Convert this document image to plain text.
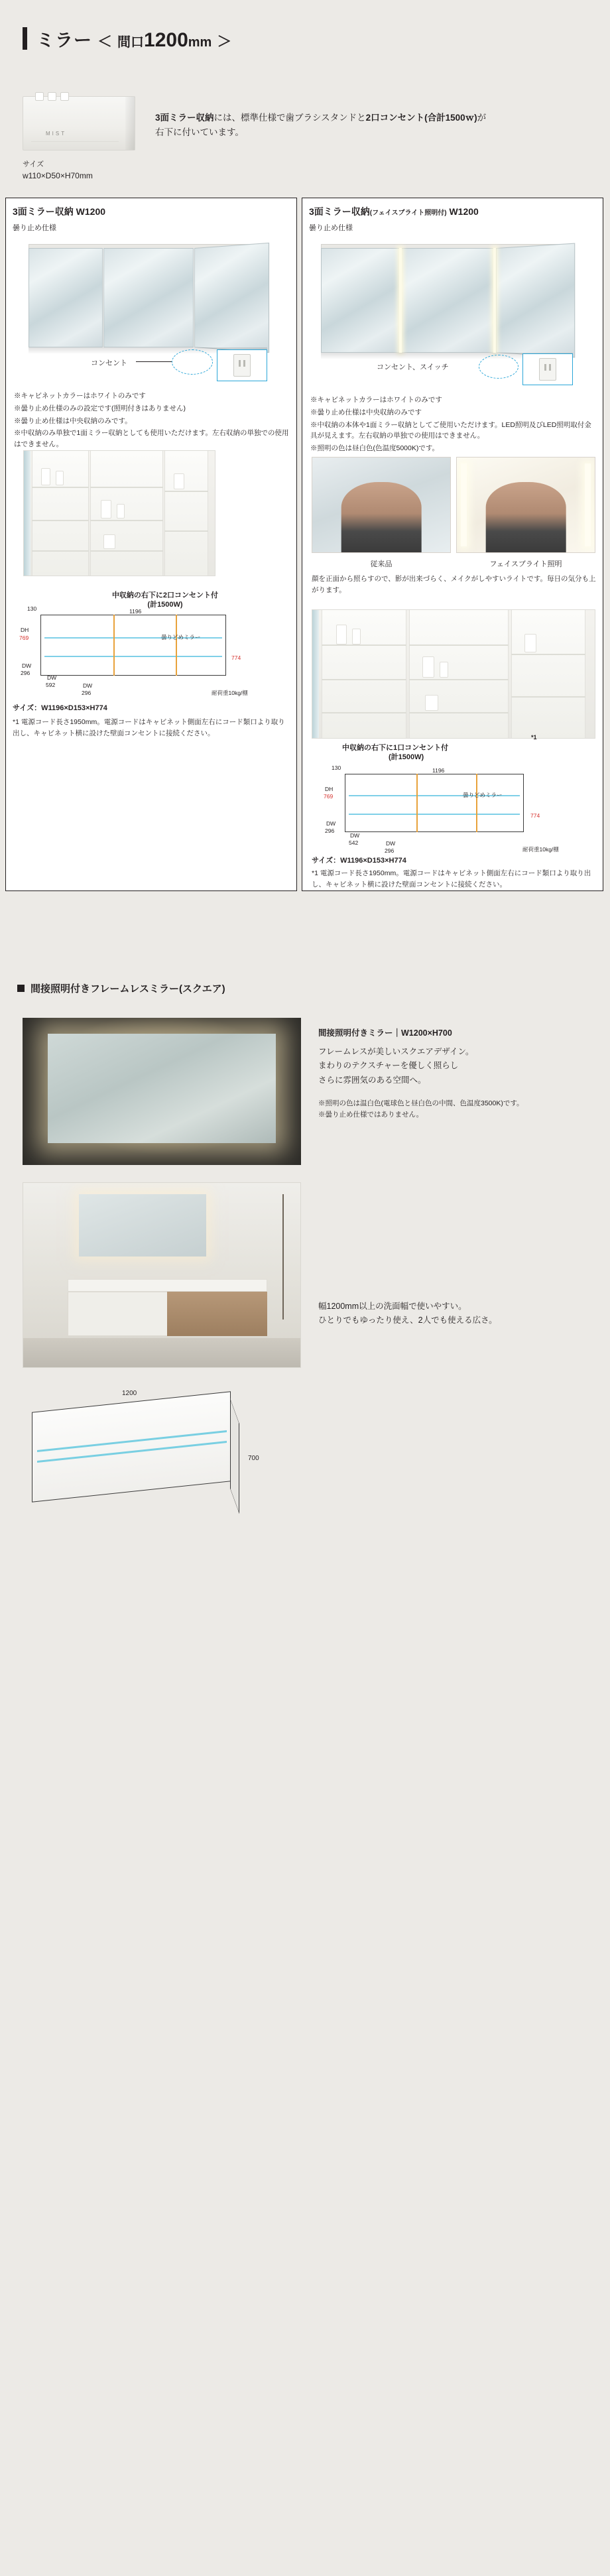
ミラー ＜ 間口 1200 mm ＞
MIST
サイズ
w110×D50×H70mm
3面ミラー収納には、標準仕様で歯ブラシスタンドと2口コンセント(合計1500ｗ)が右下に付いています。
3面ミラー収納 W1200
曇り止め仕様
コンセント

※キャビネットカラーはホワイトのみです

※曇り止め仕様のみの設定です(照明付きはありません)

※曇り止め仕様は中央収納のみです。

※中収納のみ単独で1面ミラー収納としても使用いただけます。左右収納の単独での使用はできません。

130	1196
DH
769
DW
296
DW
592	DW
296
774
曇りどめミラー
耐荷重10kg/棚
中収納の右下に2口コンセント付
(計1500W)
サイズ：W1196×D153×H774
*1 電源コード長さ1950mm。電源コードはキャビネット側面左右にコード類口より取り出し、キャビネット横に設けた壁面コンセントに接続ください。
3面ミラー収納(フェイスブライト照明付) W1200
曇り止め仕様
コンセント、スイッチ

※キャビネットカラーはホワイトのみです

※曇り止め仕様は中央収納のみです

※中収納の本体や1面ミラー収納としてご使用いただけます。LED照明及びLED照明取付金具が見えます。左右収納の単独での使用はできません。

※照明の色は昼白色(色温度5000K)です。

従来品	フェイスブライト照明
顔を正面から照らすので、影が出来づらく、メイクがしやすいライトです。毎日の気分も上がります。
130	1196
DH
769
DW
296
DW
542	DW
296
774
曇りどめミラー
耐荷重10kg/棚
中収納の右下に1口コンセント付
*1
(計1500W)
サイズ：W1196×D153×H774
*1 電源コード長さ1950mm。電源コードはキャビネット側面左右にコード類口より取り出し、キャビネット横に設けた壁面コンセントに接続ください。
間接照明付きフレームレスミラー(スクエア)
間接照明付きミラー｜W1200×H700
フレームレスが美しいスクエアデザイン。
まわりのテクスチャーを優しく照らし
さらに雰囲気のある空間へ。
※照明の色は温白色(電球色と昼白色の中間、色温度3500K)です。
※曇り止め仕様ではありません。
幅1200mm以上の洗面幅で使いやすい。
ひとりでもゆったり使え、2人でも使える広さ。
1200
700
